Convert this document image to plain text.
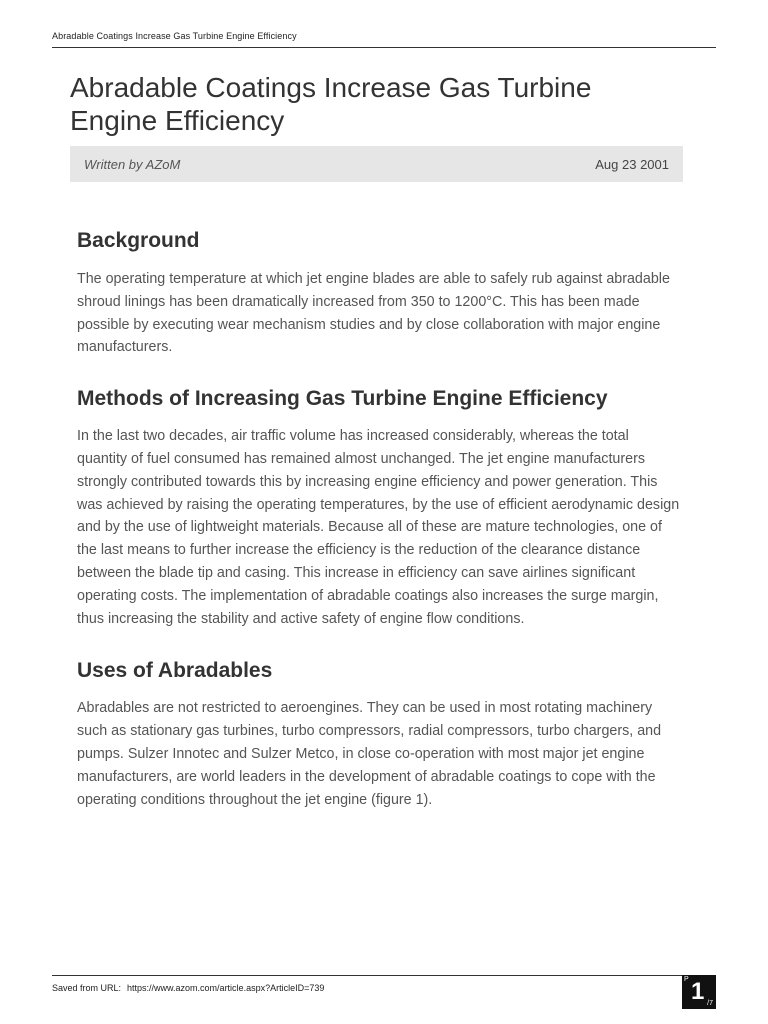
Abradable Coatings Increase Gas Turbine Engine Efficiency
Abradable Coatings Increase Gas Turbine Engine Efficiency
Written by AZoM	Aug 23 2001
Background

The operating temperature at which jet engine blades are able to safely rub against abradable shroud linings has been dramatically increased from 350 to 1200°C. This has been made possible by executing wear mechanism studies and by close collaboration with major engine manufacturers.

Methods of Increasing Gas Turbine Engine Efficiency

In the last two decades, air traffic volume has increased considerably, whereas the total quantity of fuel consumed has remained almost unchanged. The jet engine manufacturers strongly contributed towards this by increasing engine efficiency and power generation. This was achieved by raising the operating temperatures, by the use of efficient aerodynamic design and by the use of lightweight materials. Because all of these are mature technologies, one of the last means to further increase the efficiency is the reduction of the clearance distance between the blade tip and casing. This increase in efficiency can save airlines significant operating costs. The implementation of abradable coatings also increases the surge margin, thus increasing the stability and active safety of engine flow conditions.

Uses of Abradables

Abradables are not restricted to aeroengines. They can be used in most rotating machinery such as stationary gas turbines, turbo compressors, radial compressors, turbo chargers, and pumps. Sulzer Innotec and Sulzer Metco, in close co-operation with most major jet engine manufacturers, are world leaders in the development of abradable coatings to cope with the operating conditions throughout the jet engine (figure 1).

Saved from URL: https://www.azom.com/article.aspx?ArticleID=739
P 1 /7
